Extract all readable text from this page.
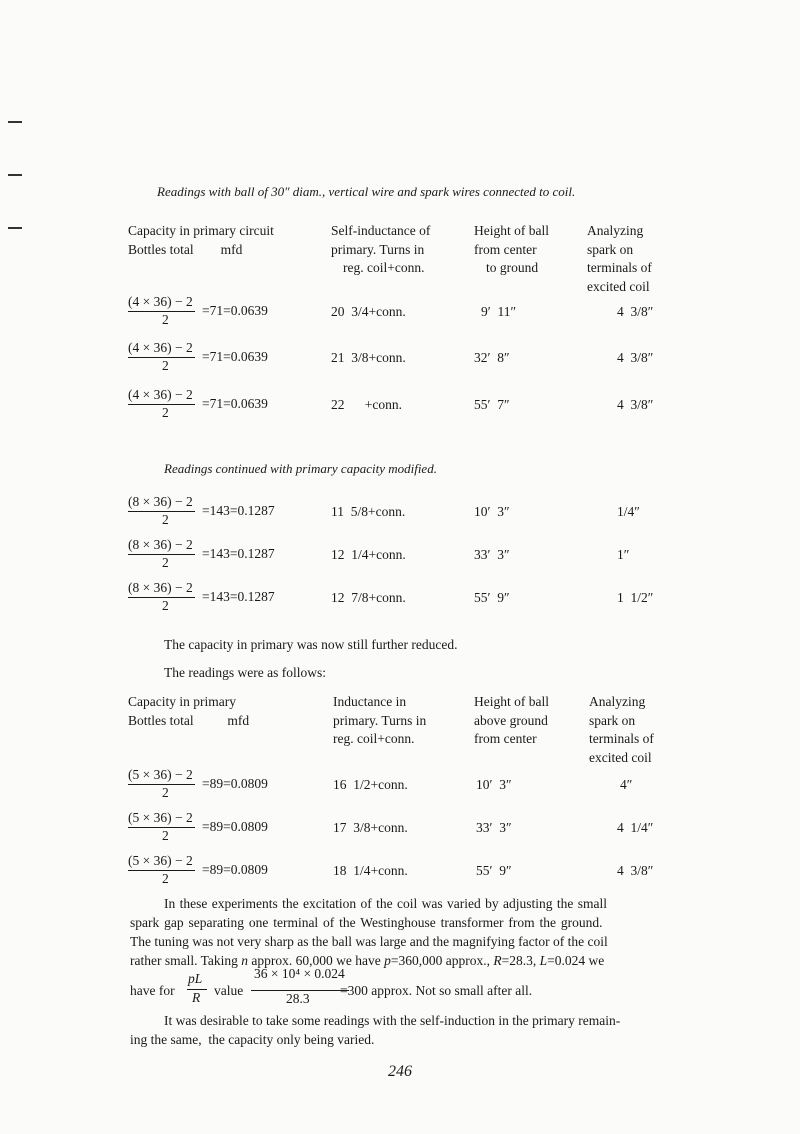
Readings with ball of 30″ diam., vertical wire and spark wires connected to coil.
Capacity in primary circuit
Bottles total        mfd
Self-inductance of
primary. Turns in
reg. coil+conn.
Height of ball
from center
to ground
Analyzing
spark on
terminals of
excited coil
(4 × 36) − 2
2
=71=0.0639	20  3/4+conn.	9′  11″	4  3/8″
(4 × 36) − 2
2
=71=0.0639	21  3/8+conn.	32′  8″	4  3/8″
(4 × 36) − 2
2
=71=0.0639	22      +conn.	55′  7″	4  3/8″
Readings continued with primary capacity modified.
(8 × 36) − 2
2
=143=0.1287	11  5/8+conn.	10′  3″	1/4″
(8 × 36) − 2
2
=143=0.1287	12  1/4+conn.	33′  3″	1″
(8 × 36) − 2
2
=143=0.1287	12  7/8+conn.	55′  9″	1  1/2″
The capacity in primary was now still further reduced.
The readings were as follows:
Capacity in primary
Bottles total          mfd
Inductance in
primary. Turns in
reg. coil+conn.
Height of ball
above ground
from center
Analyzing
spark on
terminals of
excited coil
(5 × 36) − 2
2
=89=0.0809	16  1/2+conn.	10′  3″	4″
(5 × 36) − 2
2
=89=0.0809	17  3/8+conn.	33′  3″	4  1/4″
(5 × 36) − 2
2
=89=0.0809	18  1/4+conn.	55′  9″	4  3/8″
In these experiments the excitation of the coil was varied by adjusting the small
spark gap separating one terminal of the Westinghouse transformer from the ground.
The tuning was not very sharp as the ball was large and the magnifying factor of the coil
rather small. Taking n approx. 60,000 we have p=360,000 approx., R=28.3, L=0.024 we
have for
pL
R value
36 × 10⁴ × 0.024
28.3
=300 approx. Not so small after all.
It was desirable to take some readings with the self-induction in the primary remain-
ing the same,  the capacity only being varied.
246
